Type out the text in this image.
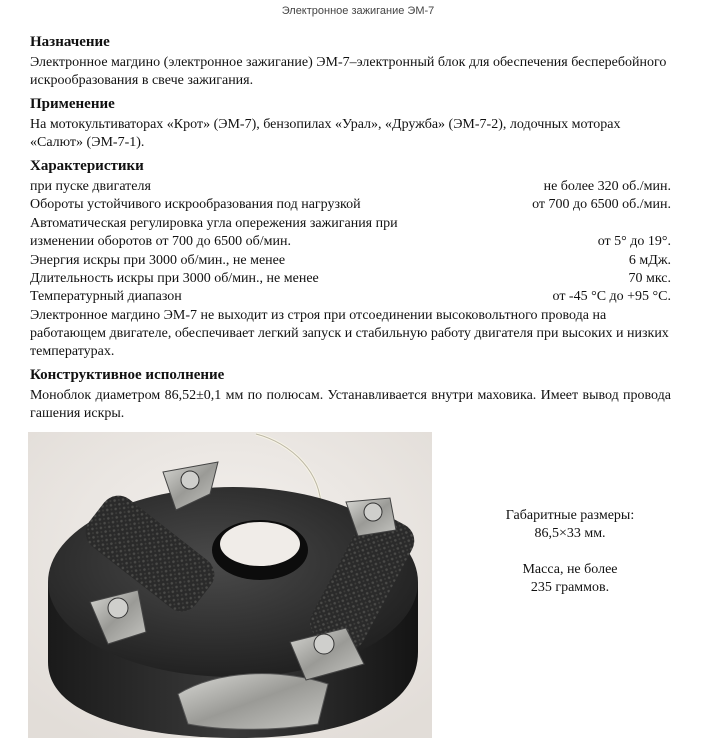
Электронное зажигание ЭМ-7
Назначение
Электронное магдино (электронное зажигание) ЭМ-7–электронный блок для обеспечения бесперебойного искрообразования в свече зажигания.
Применение
На мотокультиваторах «Крот» (ЭМ-7), бензопилах «Урал», «Дружба» (ЭМ-7-2), лодочных моторах «Салют» (ЭМ-7-1).
Характеристики
при пуске двигателя	не более 320 об./мин.
Обороты устойчивого искрообразования под нагрузкой	от 700 до 6500 об./мин.
Автоматическая регулировка угла опережения зажигания при
изменении оборотов от 700 до 6500 об/мин.	от 5° до 19°.
Энергия искры при 3000 об/мин., не менее	6 мДж.
Длительность искры при 3000 об/мин., не менее	70 мкс.
Температурный диапазон	от -45 °С до +95 °С.
Электронное магдино ЭМ-7 не выходит из строя при отсоединении высоковольтного провода на работающем двигателе, обеспечивает легкий запуск и стабильную работу двигателя при высоких и низких температурах.
Конструктивное исполнение
Моноблок диаметром 86,52±0,1 мм по полюсам. Устанавливается внутри маховика. Имеет вывод провода гашения искры.
Габаритные размеры:
86,5×33 мм.
Масса, не более
235 граммов.
